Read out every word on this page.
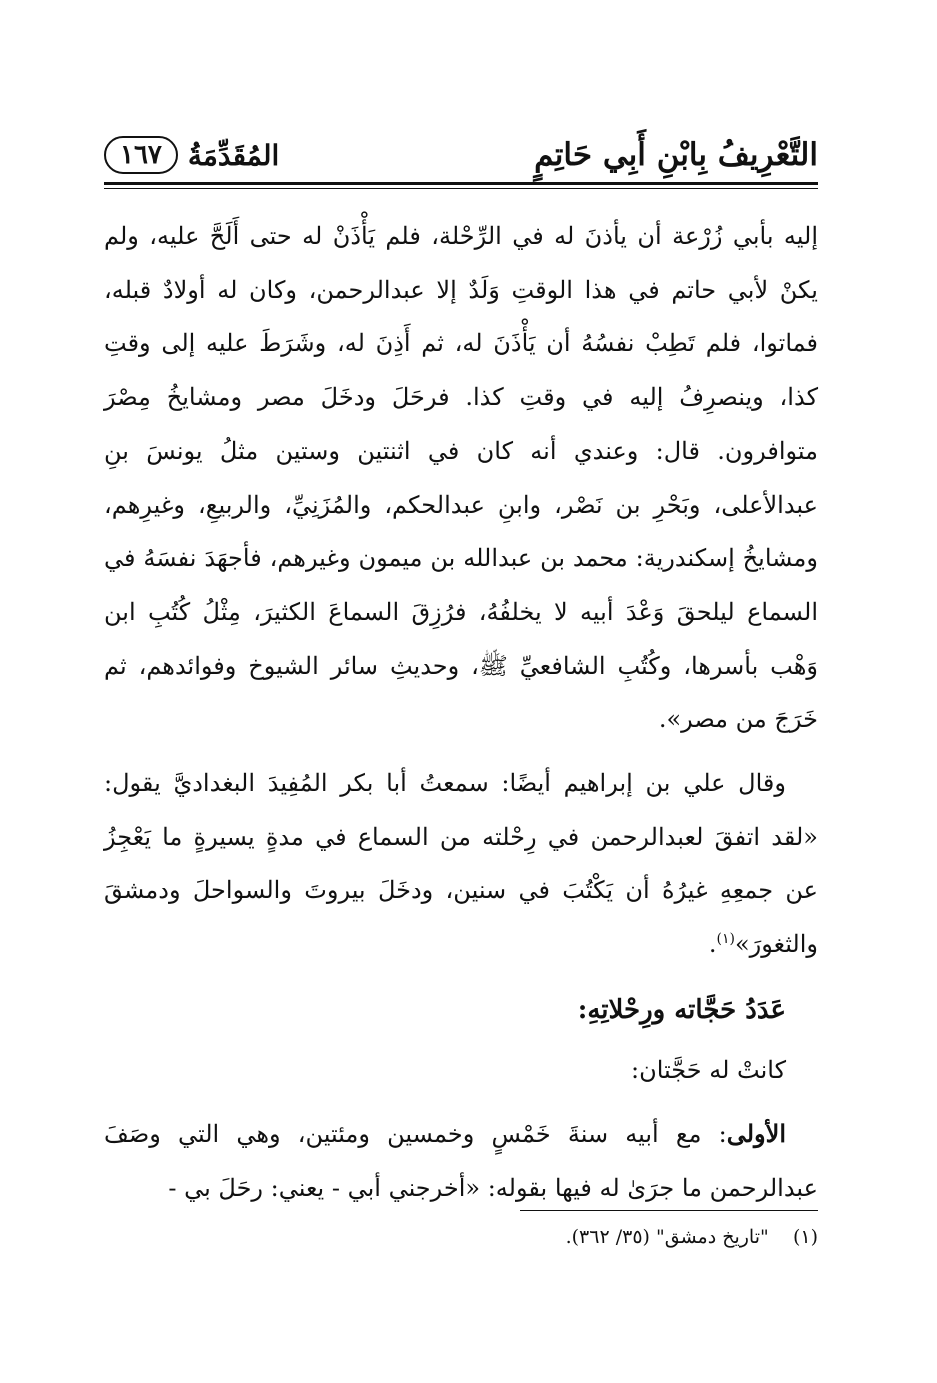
التَّعْرِيفُ بِابْنِ أَبِي حَاتِمٍ
المُقَدِّمَةُ
١٦٧

إليه بأبي زُرْعة أن يأذنَ له في الرِّحْلة، فلم يَأْذَنْ له حتى أَلَحَّ عليه، ولم يكنْ لأبي حاتم في هذا الوقتِ وَلَدٌ إلا عبدالرحمن، وكان له أولادٌ قبله، فماتوا، فلم تَطِبْ نفسُهُ أن يَأْذَنَ له، ثم أَذِنَ له، وشَرَطَ عليه إلى وقتِ كذا، وينصرِفُ إليه في وقتِ كذا. فرحَلَ ودخَلَ مصر ومشايخُ مِصْرَ متوافرون. قال: وعندي أنه كان في اثنتين وستين مثلُ يونسَ بنِ عبدالأعلى، وبَحْرِ بن نَصْر، وابنِ عبدالحكم، والمُزَنِيِّ، والربيعِ، وغيرِهم، ومشايخُ إسكندرية: محمد بن عبدالله بن ميمون وغيرهم، فأجهَدَ نفسَهُ في السماع ليلحقَ وَعْدَ أبيه لا يخلفُهُ، فرُزِقَ السماعَ الكثيرَ، مِثْلُ كُتُبِ ابن وَهْب بأسرها، وكُتُبِ الشافعيِّ ﷺ، وحديثِ سائر الشيوخ وفوائدهم، ثم خَرَجَ من مصر».

وقال علي بن إبراهيم أيضًا: سمعتُ أبا بكر المُفِيدَ البغداديَّ يقول: «لقد اتفقَ لعبدالرحمن في رِحْلته من السماع في مدةٍ يسيرةٍ ما يَعْجِزُ عن جمعِهِ غيرُهُ أن يَكْتُبَ في سنين، ودخَلَ بيروتَ والسواحلَ ودمشقَ والثغورَ»$^{(١)}$.

عَدَدُ حَجَّاته ورِحْلاتِهِ:

كانتْ له حَجَّتان:

الأولى: مع أبيه سنةَ خَمْسٍ وخمسين ومئتين، وهي التي وصَفَ عبدالرحمن ما جرَىٰ له فيها بقوله: «أخرجني أبي - يعني: رحَلَ بي -

(١)    "تاريخ دمشق" (٣٥/ ٣٦٢).
